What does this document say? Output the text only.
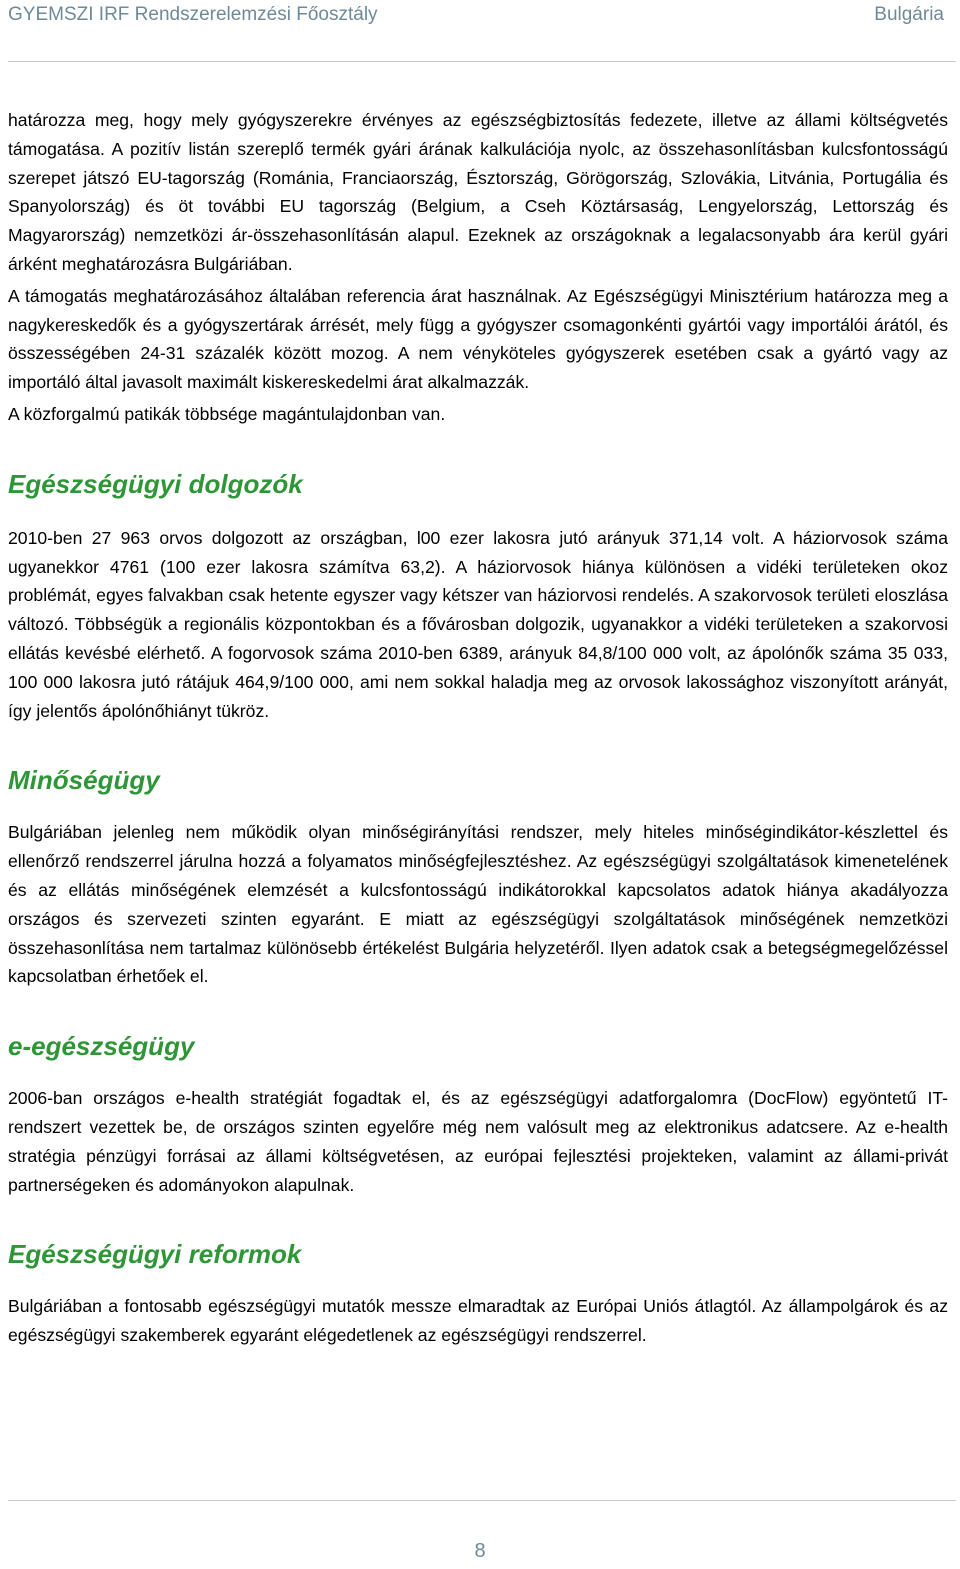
GYEMSZI IRF Rendszerelemzési Főosztály	Bulgária

határozza meg, hogy mely gyógyszerekre érvényes az egészségbiztosítás fedezete, illetve az állami költségvetés támogatása. A pozitív listán szereplő termék gyári árának kalkulációja nyolc, az összehasonlításban kulcsfontosságú szerepet játszó EU-tagország (Románia, Franciaország, Észtország, Görögország, Szlovákia, Litvánia, Portugália és Spanyolország) és öt további EU tagország (Belgium, a Cseh Köztársaság, Lengyelország, Lettország és Magyarország) nemzetközi ár-összehasonlításán alapul. Ezeknek az országoknak a legalacsonyabb ára kerül gyári árként meghatározásra Bulgáriában.

A támogatás meghatározásához általában referencia árat használnak. Az Egészségügyi Minisztérium határozza meg a nagykereskedők és a gyógyszertárak árrését, mely függ a gyógyszer csomagonkénti gyártói vagy importálói árától, és összességében 24-31 százalék között mozog. A nem vényköteles gyógyszerek esetében csak a gyártó vagy az importáló által javasolt maximált kiskereskedelmi árat alkalmazzák.

A közforgalmú patikák többsége magántulajdonban van.

Egészségügyi dolgozók

2010-ben 27 963 orvos dolgozott az országban, l00 ezer lakosra jutó arányuk 371,14 volt. A háziorvosok száma ugyanekkor 4761 (100 ezer lakosra számítva 63,2). A háziorvosok hiánya különösen a vidéki területeken okoz problémát, egyes falvakban csak hetente egyszer vagy kétszer van háziorvosi rendelés. A szakorvosok területi eloszlása változó. Többségük a regionális központokban és a fővárosban dolgozik, ugyanakkor a vidéki területeken a szakorvosi ellátás kevésbé elérhető. A fogorvosok száma 2010-ben 6389, arányuk 84,8/100 000 volt, az ápolónők száma 35 033, 100 000 lakosra jutó rátájuk 464,9/100 000, ami nem sokkal haladja meg az orvosok lakossághoz viszonyított arányát, így jelentős ápolónőhiányt tükröz.

Minőségügy

Bulgáriában jelenleg nem működik olyan minőségirányítási rendszer, mely hiteles minőségindikátor-készlettel és ellenőrző rendszerrel járulna hozzá a folyamatos minőségfejlesztéshez. Az egészségügyi szolgáltatások kimenetelének és az ellátás minőségének elemzését a kulcsfontosságú indikátorokkal kapcsolatos adatok hiánya akadályozza országos és szervezeti szinten egyaránt. E miatt az egészségügyi szolgáltatások minőségének nemzetközi összehasonlítása nem tartalmaz különösebb értékelést Bulgária helyzetéről. Ilyen adatok csak a betegségmegelőzéssel kapcsolatban érhetőek el.

e-egészségügy

2006-ban országos e-health stratégiát fogadtak el, és az egészségügyi adatforgalomra (DocFlow) egyöntetű IT-rendszert vezettek be, de országos szinten egyelőre még nem valósult meg az elektronikus adatcsere. Az e-health stratégia pénzügyi forrásai az állami költségvetésen, az európai fejlesztési projekteken, valamint az állami-privát partnerségeken és adományokon alapulnak.

Egészségügyi reformok

Bulgáriában a fontosabb egészségügyi mutatók messze elmaradtak az Európai Uniós átlagtól. Az állampolgárok és az egészségügyi szakemberek egyaránt elégedetlenek az egészségügyi rendszerrel.

8
